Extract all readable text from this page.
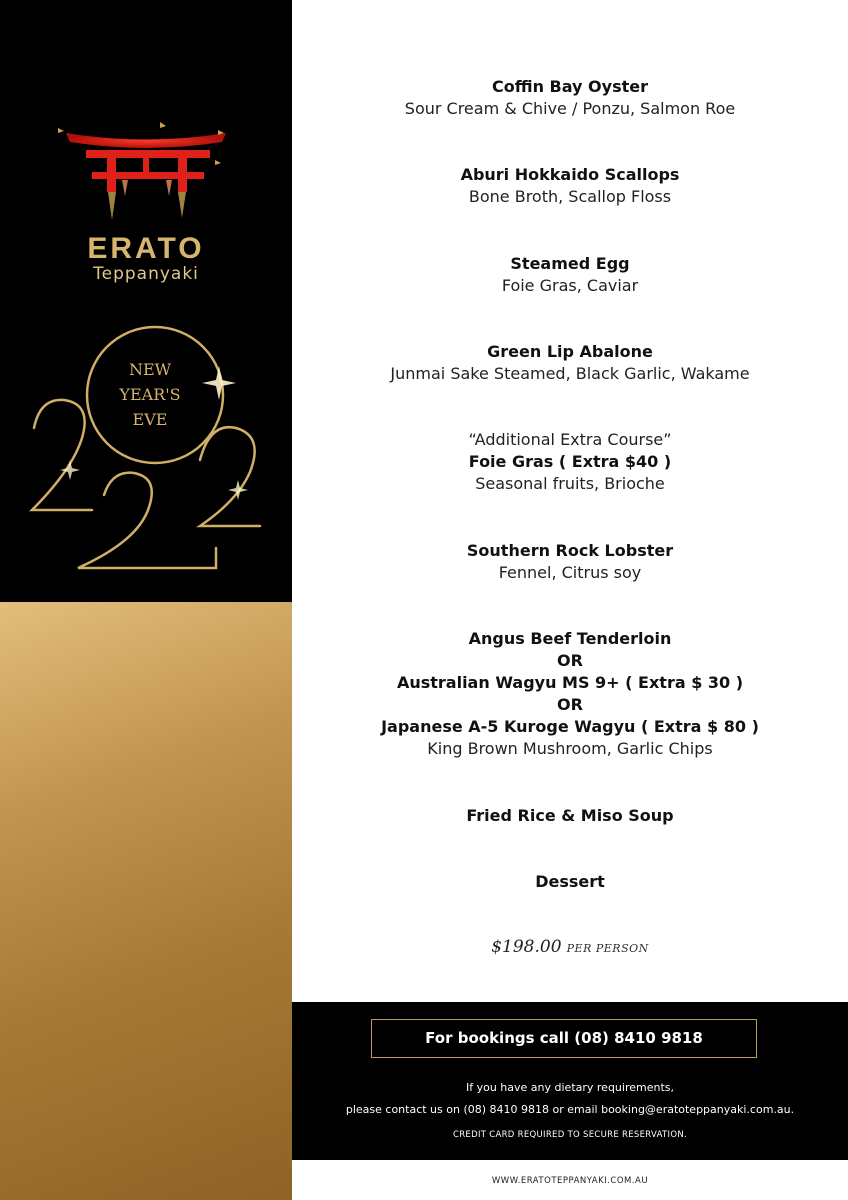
ERATO
Teppanyaki
NEW
YEAR'S
EVE
Coffin Bay Oyster
Sour Cream & Chive / Ponzu, Salmon Roe
Aburi Hokkaido Scallops
Bone Broth, Scallop Floss
Steamed Egg
Foie Gras, Caviar
Green Lip Abalone
Junmai Sake Steamed, Black Garlic, Wakame
“Additional Extra Course”
Foie Gras ( Extra $40 )
Seasonal fruits, Brioche
Southern Rock Lobster
Fennel, Citrus soy
Angus Beef Tenderloin
OR
Australian Wagyu MS 9+ ( Extra $ 30 )
OR
Japanese A-5 Kuroge Wagyu ( Extra $ 80 )
King Brown Mushroom, Garlic Chips
Fried Rice & Miso Soup
Dessert
$198.00 PER PERSON
For bookings call (08) 8410 9818
If you have any dietary requirements,
please contact us on (08) 8410 9818 or email booking@eratoteppanyaki.com.au.
CREDIT CARD REQUIRED TO SECURE RESERVATION.
WWW.ERATOTEPPANYAKI.COM.AU
